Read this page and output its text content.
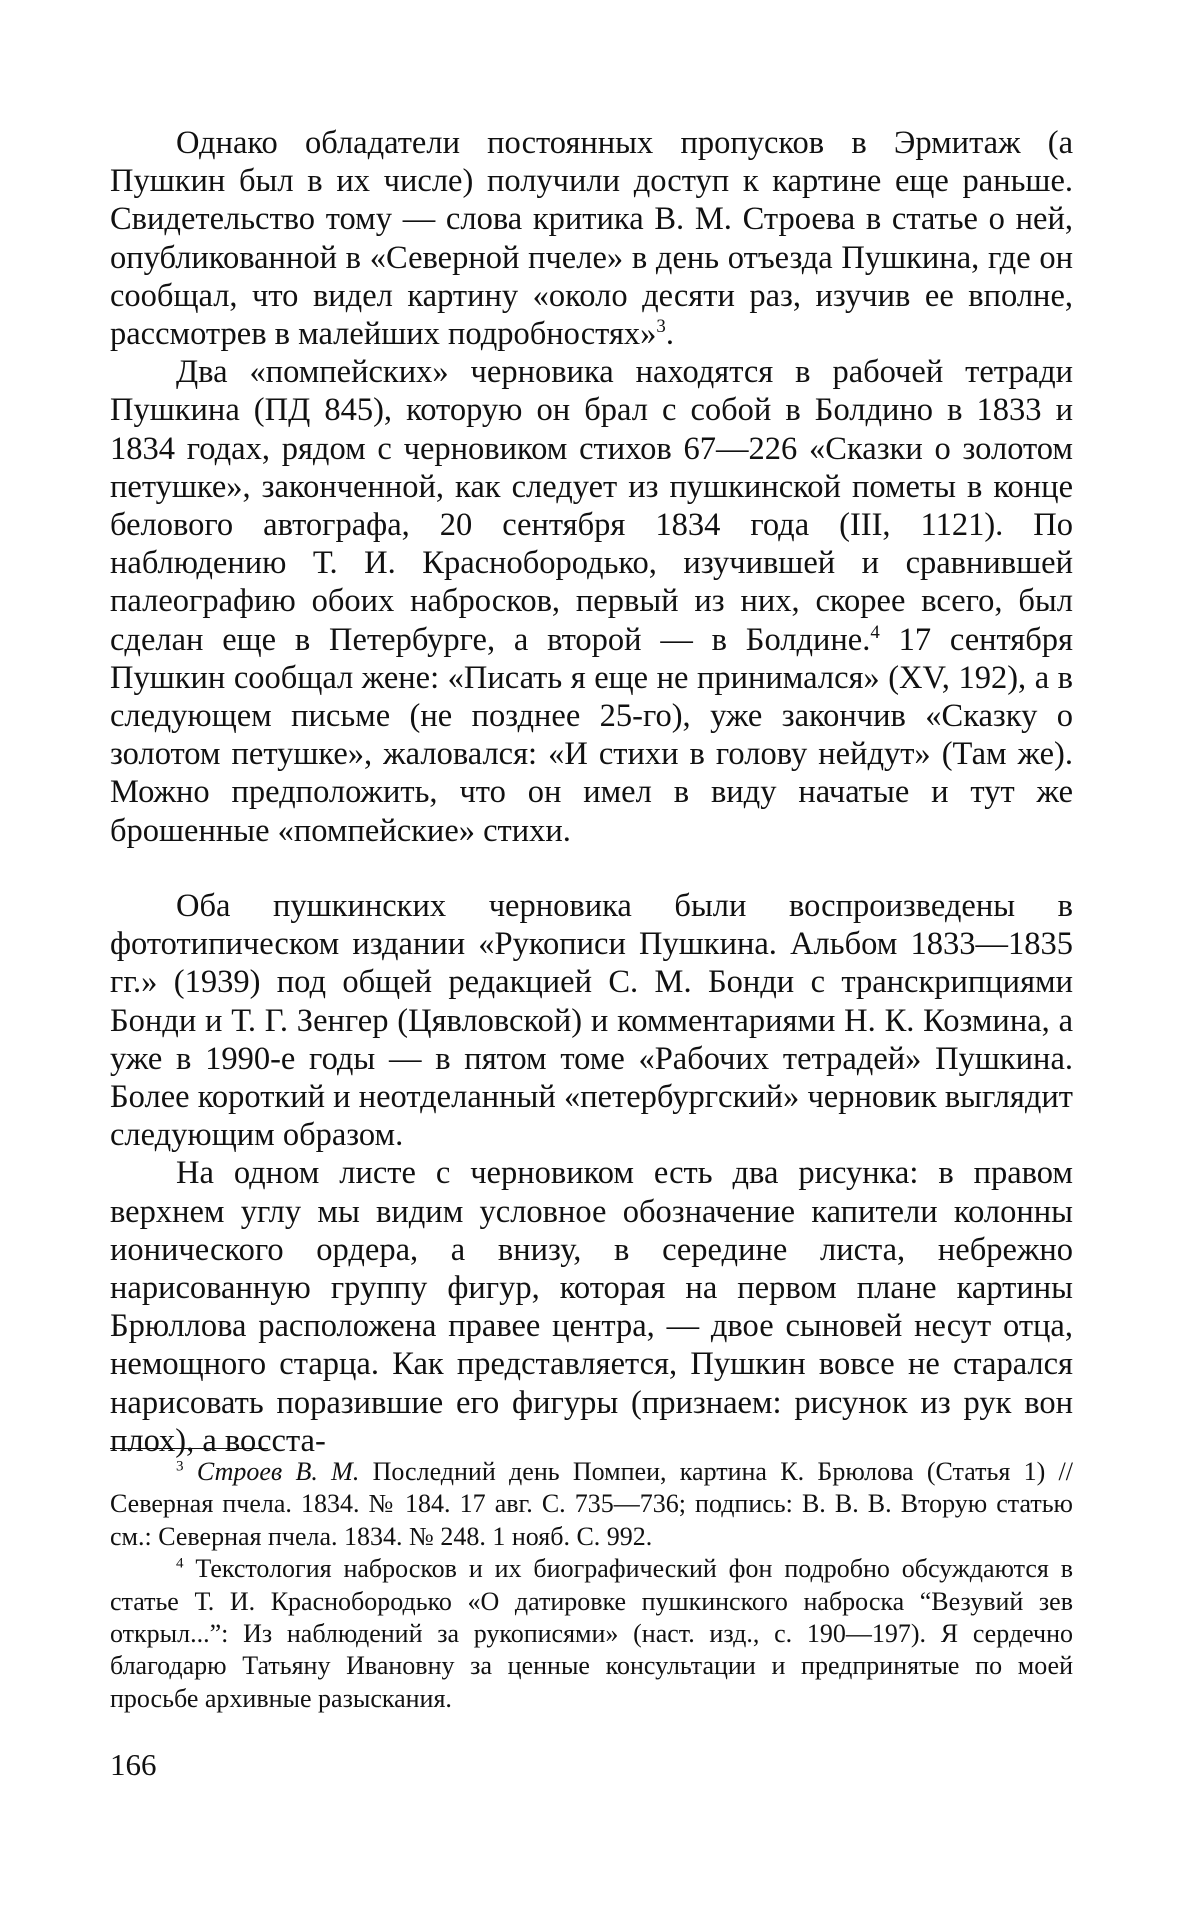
Однако обладатели постоянных пропусков в Эрмитаж (а Пушкин был в их числе) получили доступ к картине еще раньше. Свидетельство тому — слова критика В. М. Строева в статье о ней, опубликованной в «Северной пчеле» в день отъезда Пушкина, где он сообщал, что видел картину «около десяти раз, изучив ее вполне, рассмотрев в малейших подробностях»$^3$.

Два «помпейских» черновика находятся в рабочей тетради Пушкина (ПД 845), которую он брал с собой в Болдино в 1833 и 1834 годах, рядом с черновиком стихов 67—226 «Сказки о золотом петушке», законченной, как следует из пушкинской пометы в конце белового автографа, 20 сентября 1834 года (III, 1121). По наблюдению Т. И. Краснобородько, изучившей и сравнившей палеографию обоих набросков, первый из них, скорее всего, был сделан еще в Петербурге, а второй — в Болдине.$^4$ 17 сентября Пушкин сообщал жене: «Писать я еще не принимался» (XV, 192), а в следующем письме (не позднее 25-го), уже закончив «Сказку о золотом петушке», жаловался: «И стихи в голову нейдут» (Там же). Можно предположить, что он имел в виду начатые и тут же брошенные «помпейские» стихи.

Оба пушкинских черновика были воспроизведены в фототипическом издании «Рукописи Пушкина. Альбом 1833—1835 гг.» (1939) под общей редакцией С. М. Бонди с транскрипциями Бонди и Т. Г. Зенгер (Цявловской) и комментариями Н. К. Козмина, а уже в 1990-е годы — в пятом томе «Рабочих тетрадей» Пушкина. Более короткий и неотделанный «петербургский» черновик выглядит следующим образом.

На одном листе с черновиком есть два рисунка: в правом верхнем углу мы видим условное обозначение капители колонны ионического ордера, а внизу, в середине листа, небрежно нарисованную группу фигур, которая на первом плане картины Брюллова расположена правее центра, — двое сыновей несут отца, немощного старца. Как представляется, Пушкин вовсе не старался нарисовать поразившие его фигуры (признаем: рисунок из рук вон плох), а восста-

$^3$ Строев В. М. Последний день Помпеи, картина К. Брюлова (Статья 1) // Северная пчела. 1834. № 184. 17 авг. С. 735—736; подпись: В. В. В. Вторую статью см.: Северная пчела. 1834. № 248. 1 нояб. С. 992.

$^4$ Текстология набросков и их биографический фон подробно обсуждаются в статье Т. И. Краснобородько «О датировке пушкинского наброска “Везувий зев открыл...”: Из наблюдений за рукописями» (наст. изд., с. 190—197). Я сердечно благодарю Татьяну Ивановну за ценные консультации и предпринятые по моей просьбе архивные разыскания.

166
